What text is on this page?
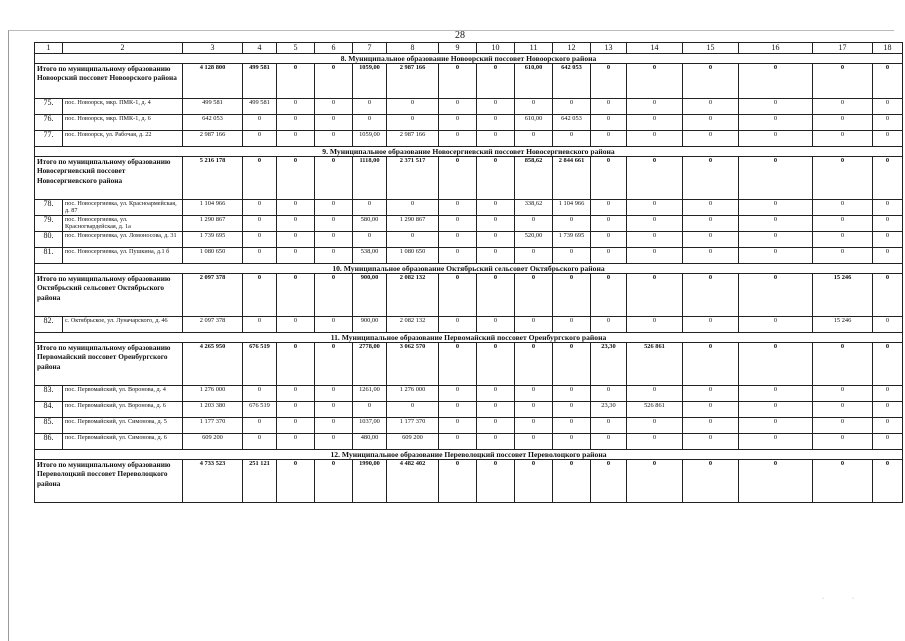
28
1	2	3	4	5	6	7	8	9	10	11	12	13	14	15	16	17	18
8. Муниципальное образование Новоорский поссовет Новоорского района																	
Итого по муниципальному образованию Новоорский поссовет Новоорского района		4 128 800	499 581	0	0	1059,00	2 987 166	0	0	610,00	642 053	0	0	0	0	0	0
75.	пос. Новоорск, мкр. ПМК-1, д. 4	499 581	499 581	0	0	0	0	0	0	0	0	0	0	0	0	0	0
76.	пос. Новоорск, мкр. ПМК-1, д. 6	642 053	0	0	0	0	0	0	0	610,00	642 053	0	0	0	0	0	0
77.	пос. Новоорск, ул. Рабочая, д. 22	2 987 166	0	0	0	1059,00	2 987 166	0	0	0	0	0	0	0	0	0	0
9. Муниципальное образование Новосергиевский поссовет Новосергиевского района																	
Итого по муниципальному образованию Новосергиевский поссовет Новосергиевского района		5 216 178	0	0	0	1118,00	2 371 517	0	0	858,62	2 844 661	0	0	0	0	0	0
78.	пос. Новосергиевка, ул. Красноармейская, д. 87	1 104 966	0	0	0	0	0	0	0	338,62	1 104 966	0	0	0	0	0	0
79.	пос. Новосергиевка, ул. Красногвардейская, д. 1а	1 290 867	0	0	0	580,00	1 290 867	0	0	0	0	0	0	0	0	0	0
80.	пос. Новосергиевка, ул. Ломоносова, д. 31	1 739 695	0	0	0	0	0	0	0	520,00	1 739 695	0	0	0	0	0	0
81.	пос. Новосергиевка, ул. Пушкина, д.1 б	1 080 650	0	0	0	538,00	1 080 650	0	0	0	0	0	0	0	0	0	0
10. Муниципальное образование Октябрьский сельсовет Октябрьского района																	
Итого по муниципальному образованию Октябрьский сельсовет Октябрьского района		2 097 378	0	0	0	900,00	2 082 132	0	0	0	0	0	0	0	0	15 246	0
82.	с. Октябрьское, ул. Луначарского, д. 46	2 097 378	0	0	0	900,00	2 082 132	0	0	0	0	0	0	0	0	15 246	0
11. Муниципальное образование Первомайский поссовет Оренбургского района																	
Итого по муниципальному образованию Первомайский поссовет Оренбургского района		4 265 950	676 519	0	0	2778,00	3 062 570	0	0	0	0	23,30	526 861	0	0	0	0
83.	пос. Первомайский, ул. Воронова, д. 4	1 276 000	0	0	0	1261,00	1 276 000	0	0	0	0	0	0	0	0	0	0
84.	пос. Первомайский, ул. Воронова, д. 6	1 203 380	676 519	0	0	0	0	0	0	0	0	23,30	526 861	0	0	0	0
85.	пос. Первомайский, ул. Симонова, д. 5	1 177 370	0	0	0	1037,00	1 177 370	0	0	0	0	0	0	0	0	0	0
86.	пос. Первомайский, ул. Симонова, д. 6	609 200	0	0	0	480,00	609 200	0	0	0	0	0	0	0	0	0	0
12. Муниципальное образование Переволоцкий поссовет Переволоцкого района																	
Итого по муниципальному образованию Переволоцкий поссовет Переволоцкого района		4 733 523	251 121	0	0	1990,00	4 482 402	0	0	0	0	0	0	0	0	0	0
·	·
